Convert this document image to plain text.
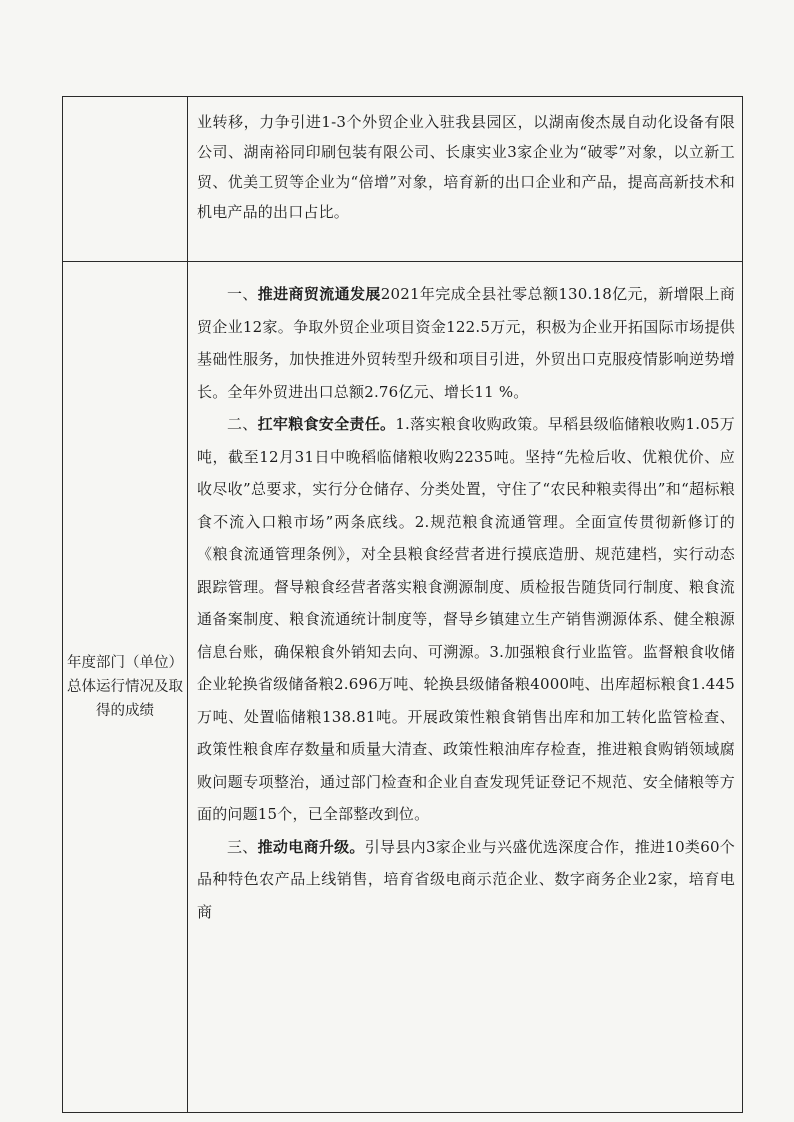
	业转移，力争引进1-3个外贸企业入驻我县园区，以湖南俊杰晟自动化设备有限公司、湖南裕同印刷包装有限公司、长康实业3家企业为“破零”对象，以立新工贸、优美工贸等企业为“倍增”对象，培育新的出口企业和产品，提高高新技术和机电产品的出口占比。

年度部门（单位）总体运行情况及取得的成绩	一、推进商贸流通发展2021年完成全县社零总额130.18亿元，新增限上商贸企业12家。争取外贸企业项目资金122.5万元，积极为企业开拓国际市场提供基础性服务，加快推进外贸转型升级和项目引进，外贸出口克服疫情影响逆势增长。全年外贸进出口总额2.76亿元、增长11 %。

二、扛牢粮食安全责任。1.落实粮食收购政策。早稻县级临储粮收购1.05万吨，截至12月31日中晚稻临储粮收购2235吨。坚持“先检后收、优粮优价、应收尽收”总要求，实行分仓储存、分类处置，守住了“农民种粮卖得出”和“超标粮食不流入口粮市场”两条底线。2.规范粮食流通管理。全面宣传贯彻新修订的《粮食流通管理条例》，对全县粮食经营者进行摸底造册、规范建档，实行动态跟踪管理。督导粮食经营者落实粮食溯源制度、质检报告随货同行制度、粮食流通备案制度、粮食流通统计制度等，督导乡镇建立生产销售溯源体系、健全粮源信息台账，确保粮食外销知去向、可溯源。3.加强粮食行业监管。监督粮食收储企业轮换省级储备粮2.696万吨、轮换县级储备粮4000吨、出库超标粮食1.445万吨、处置临储粮138.81吨。开展政策性粮食销售出库和加工转化监管检查、政策性粮食库存数量和质量大清查、政策性粮油库存检查，推进粮食购销领域腐败问题专项整治，通过部门检查和企业自查发现凭证登记不规范、安全储粮等方面的问题15个，已全部整改到位。

三、推动电商升级。引导县内3家企业与兴盛优选深度合作，推进10类60个品种特色农产品上线销售，培育省级电商示范企业、数字商务企业2家，培育电商
